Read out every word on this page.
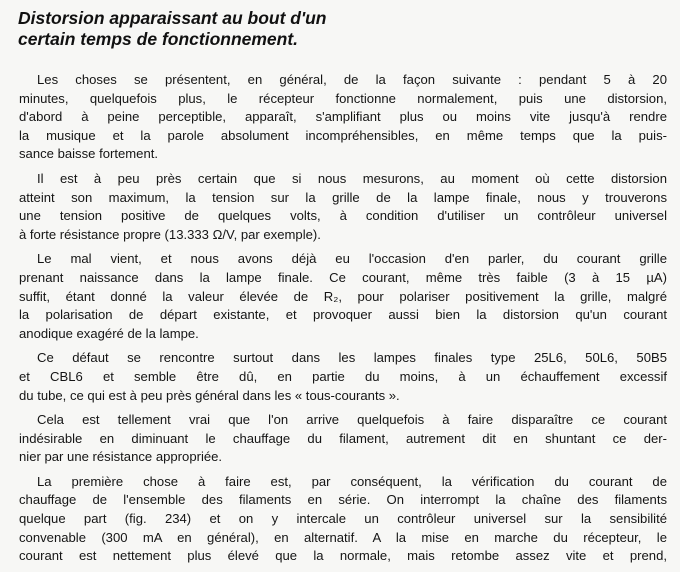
Distorsion apparaissant au bout d'un
certain temps de fonctionnement.
Les choses se présentent, en général, de la façon suivante : pendant 5 à 20
minutes, quelquefois plus, le récepteur fonctionne normalement, puis une distorsion,
d'abord à peine perceptible, apparaît, s'amplifiant plus ou moins vite jusqu'à rendre
la musique et la parole absolument incompréhensibles, en même temps que la puis-
sance baisse fortement.
Il est à peu près certain que si nous mesurons, au moment où cette distorsion
atteint son maximum, la tension sur la grille de la lampe finale, nous y trouverons
une tension positive de quelques volts, à condition d'utiliser un contrôleur universel
à forte résistance propre (13.333 Ω/V, par exemple).
Le mal vient, et nous avons déjà eu l'occasion d'en parler, du courant grille
prenant naissance dans la lampe finale. Ce courant, même très faible (3 à 15 µA)
suffit, étant donné la valeur élevée de R₂, pour polariser positivement la grille, malgré
la polarisation de départ existante, et provoquer aussi bien la distorsion qu'un courant
anodique exagéré de la lampe.
Ce défaut se rencontre surtout dans les lampes finales type 25L6, 50L6, 50B5
et CBL6 et semble être dû, en partie du moins, à un échauffement excessif
du tube, ce qui est à peu près général dans les « tous-courants ».
Cela est tellement vrai que l'on arrive quelquefois à faire disparaître ce courant
indésirable en diminuant le chauffage du filament, autrement dit en shuntant ce der-
nier par une résistance appropriée.
La première chose à faire est, par conséquent, la vérification du courant de
chauffage de l'ensemble des filaments en série. On interrompt la chaîne des filaments
quelque part (fig. 234) et on y intercale un contrôleur universel sur la sensibilité
convenable (300 mA en général), en alternatif. A la mise en marche du récepteur, le
courant est nettement plus élevé que la normale, mais retombe assez vite et prend,
